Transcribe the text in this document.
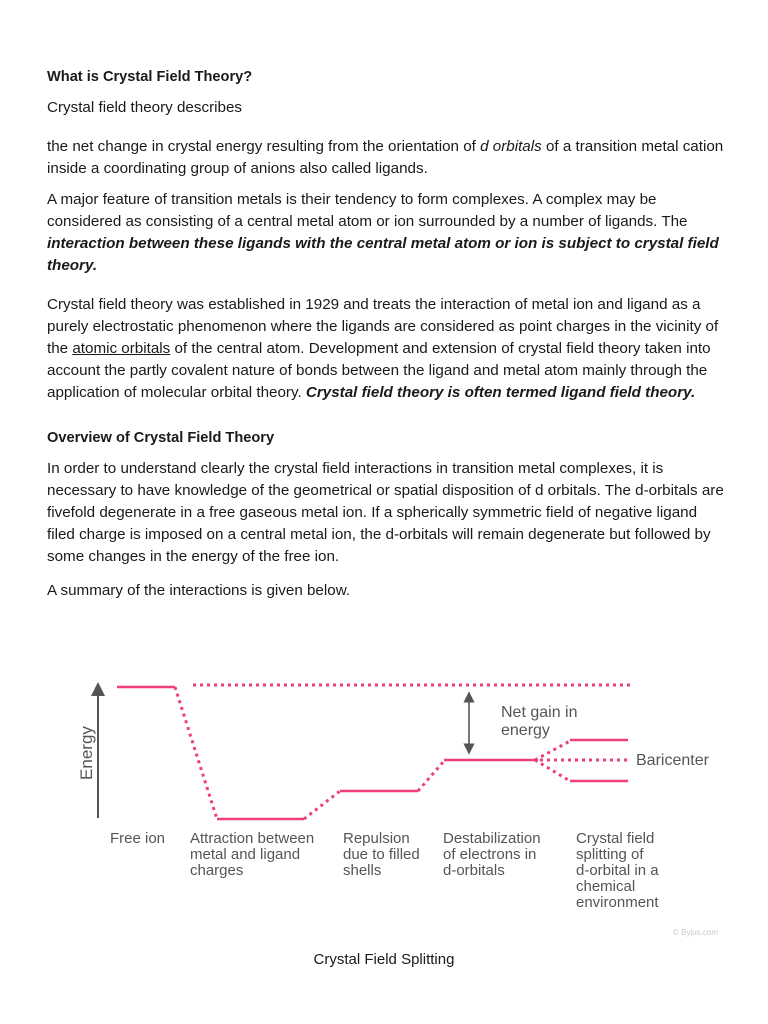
What is Crystal Field Theory?

Crystal field theory describes

the net change in crystal energy resulting from the orientation of d orbitals of a transition metal cation inside a coordinating group of anions also called ligands.

A major feature of transition metals is their tendency to form complexes. A complex may be considered as consisting of a central metal atom or ion surrounded by a number of ligands. The interaction between these ligands with the central metal atom or ion is subject to crystal field theory.

Crystal field theory was established in 1929 and treats the interaction of metal ion and ligand as a purely electrostatic phenomenon where the ligands are considered as point charges in the vicinity of the atomic orbitals of the central atom. Development and extension of crystal field theory taken into account the partly covalent nature of bonds between the ligand and metal atom mainly through the application of molecular orbital theory. Crystal field theory is often termed ligand field theory.

Overview of Crystal Field Theory

In order to understand clearly the crystal field interactions in transition metal complexes, it is necessary to have knowledge of the geometrical or spatial disposition of d orbitals. The d-orbitals are fivefold degenerate in a free gaseous metal ion. If a spherically symmetric field of negative ligand filed charge is imposed on a central metal ion, the d-orbitals will remain degenerate but followed by some changes in the energy of the free ion.

A summary of the interactions is given below.

Energy
Net gain in energy
Baricenter
Free ion Attraction between metal and ligand charges
Repulsion due to filled shells
Destabilization of electrons in d-orbitals
Crystal field splitting of d-orbital in a chemical environment
© Byjus.com
Crystal Field Splitting
